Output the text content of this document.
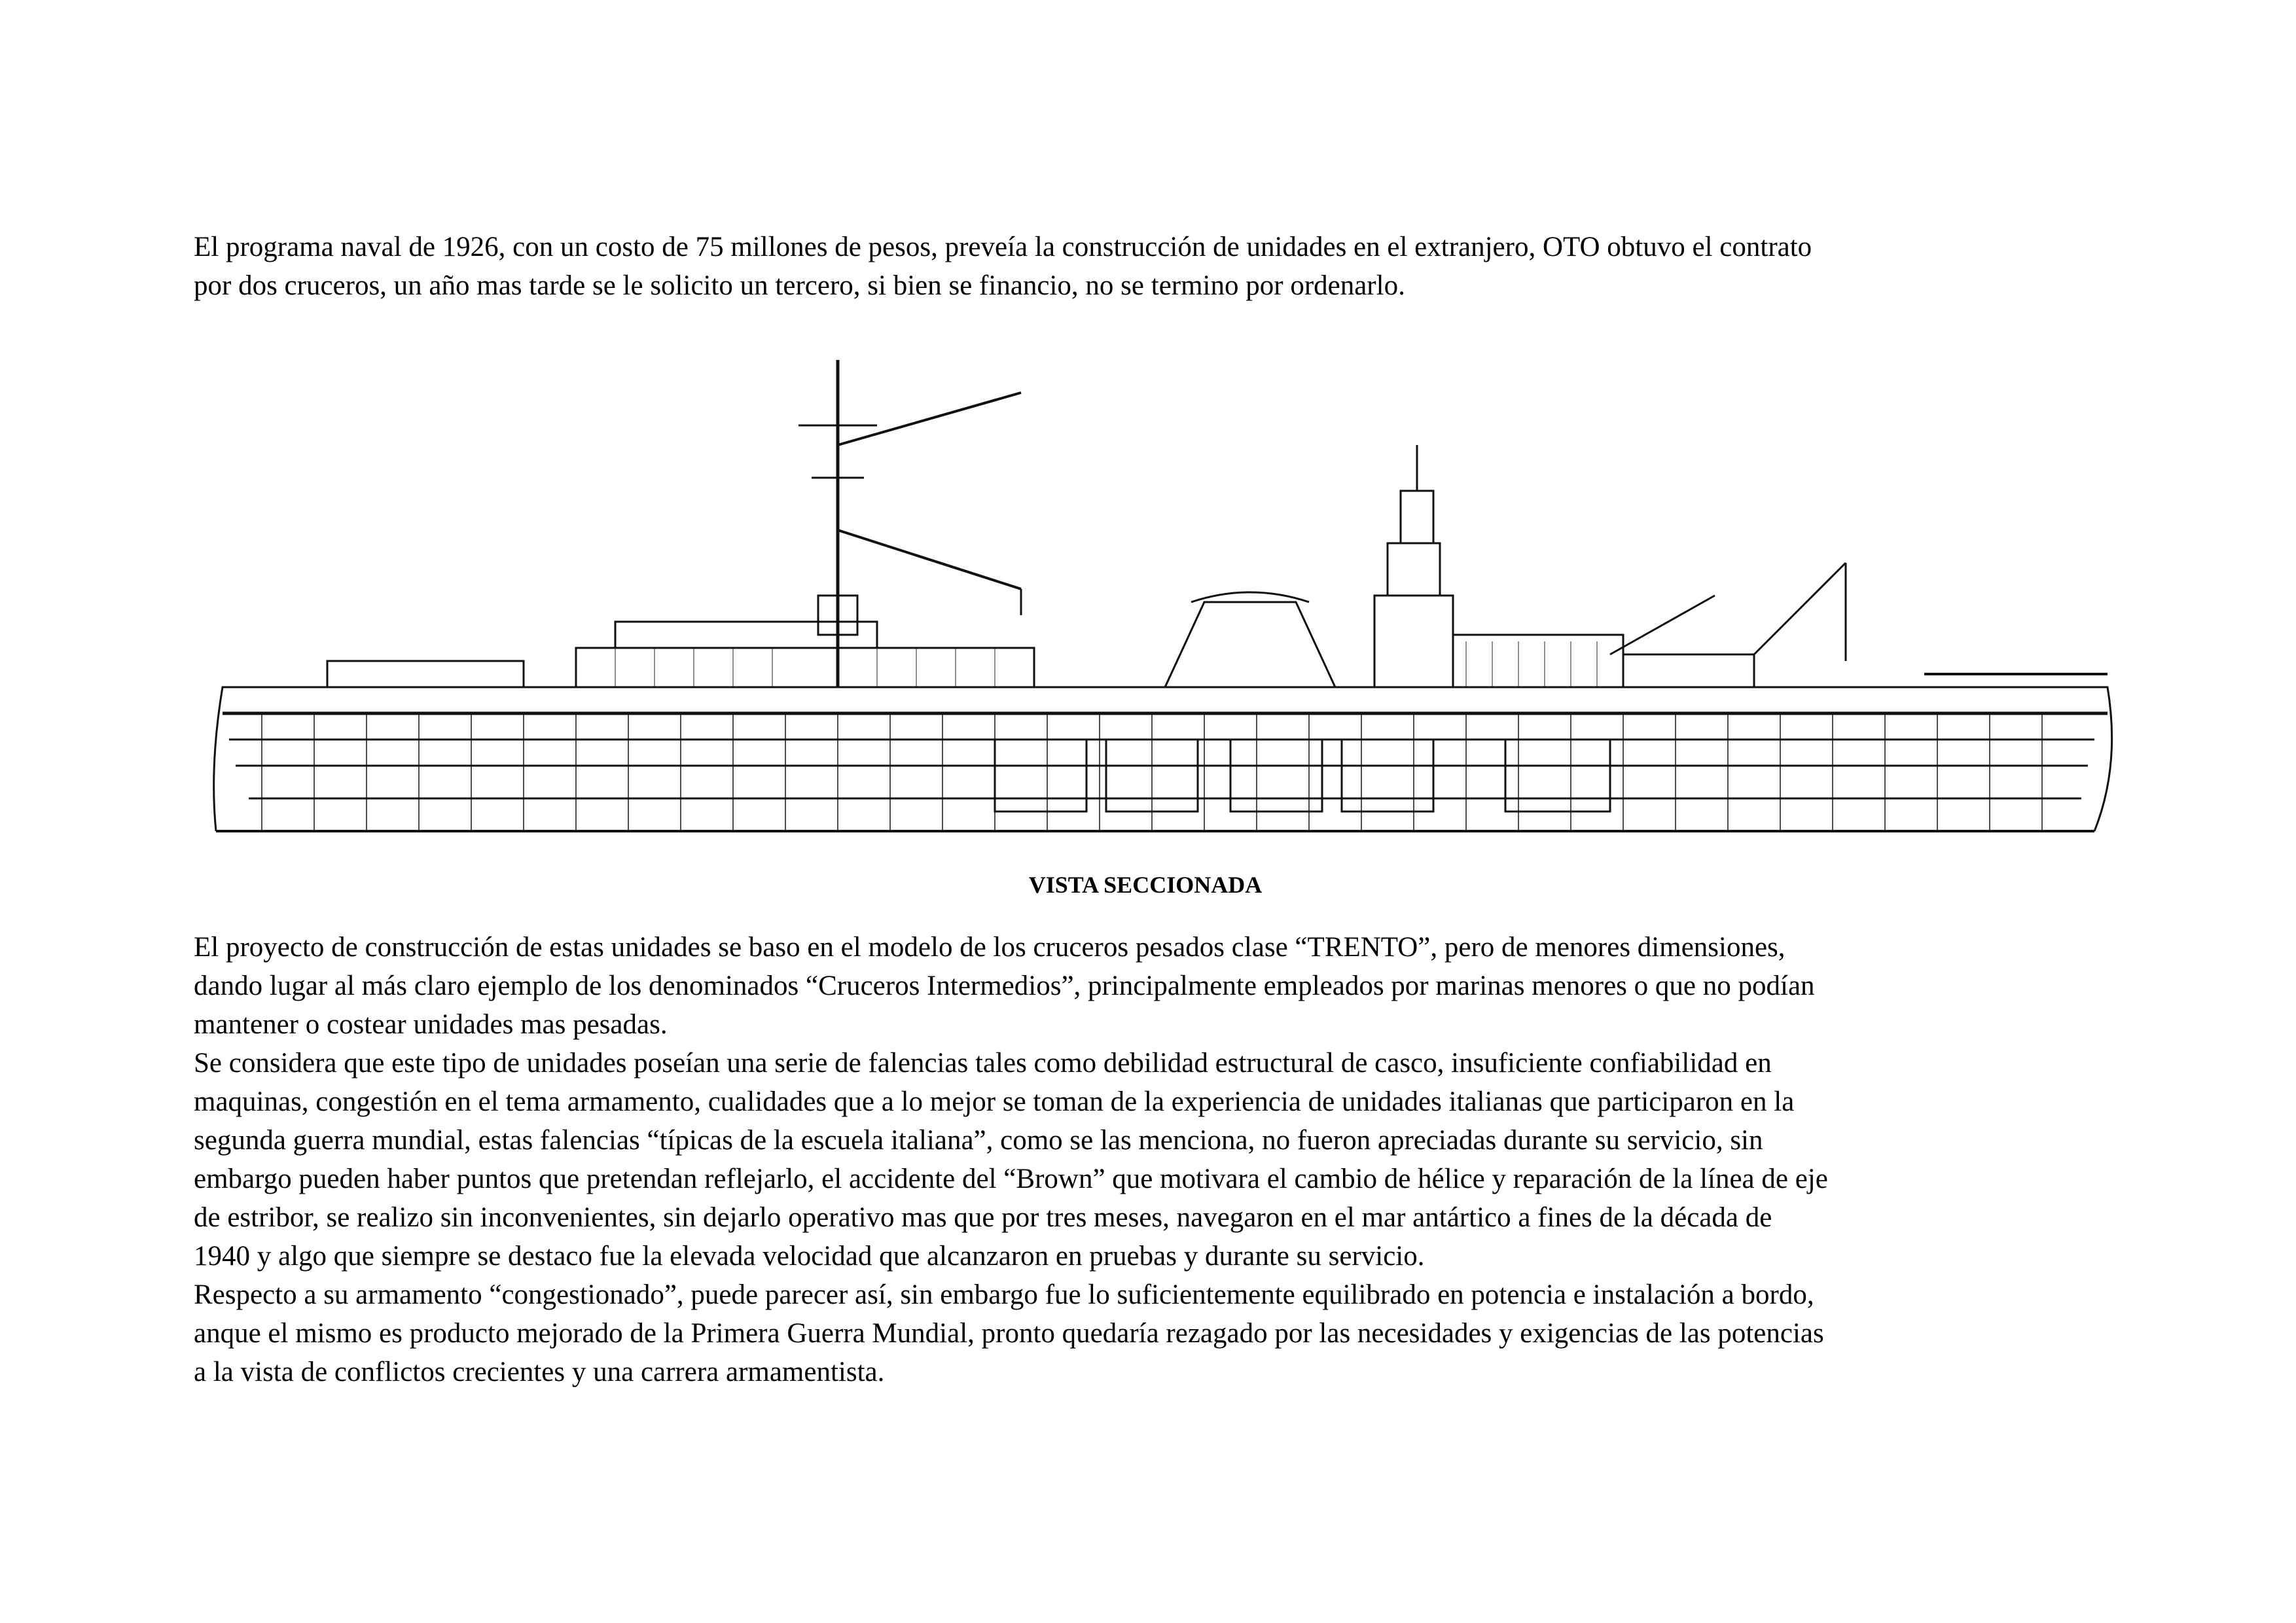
El programa naval de 1926, con un costo de 75 millones de pesos, preveía la construcción de unidades en el extranjero, OTO obtuvo el contrato
por dos cruceros, un año mas tarde se le solicito un tercero, si bien se financio, no se termino por ordenarlo.

VISTA SECCIONADA

El proyecto de construcción de estas unidades se baso en el modelo de los cruceros pesados clase “TRENTO”, pero de menores dimensiones,
dando lugar al más claro ejemplo de los denominados “Cruceros Intermedios”, principalmente empleados por marinas menores o que no podían
mantener o costear unidades mas pesadas.
Se considera que este tipo de unidades poseían una serie de falencias tales como debilidad estructural de casco, insuficiente confiabilidad en
maquinas, congestión en el tema armamento, cualidades que a lo mejor se toman de la experiencia de unidades italianas que participaron en la
segunda guerra mundial, estas falencias “típicas de la escuela italiana”, como se las menciona, no fueron apreciadas durante su servicio, sin
embargo pueden haber puntos que pretendan reflejarlo, el accidente del “Brown” que motivara el cambio de hélice y reparación de la línea de eje
de estribor, se realizo sin inconvenientes, sin dejarlo operativo mas que por tres meses, navegaron en el mar antártico a fines de la década de
1940 y algo que siempre se destaco fue la elevada velocidad que alcanzaron en pruebas y durante su servicio.
Respecto a su armamento “congestionado”, puede parecer así, sin embargo fue lo suficientemente equilibrado en potencia e instalación a bordo,
anque el mismo es producto mejorado de la Primera Guerra Mundial, pronto quedaría rezagado por las necesidades y exigencias de las potencias
a la vista de conflictos crecientes y una carrera armamentista.
